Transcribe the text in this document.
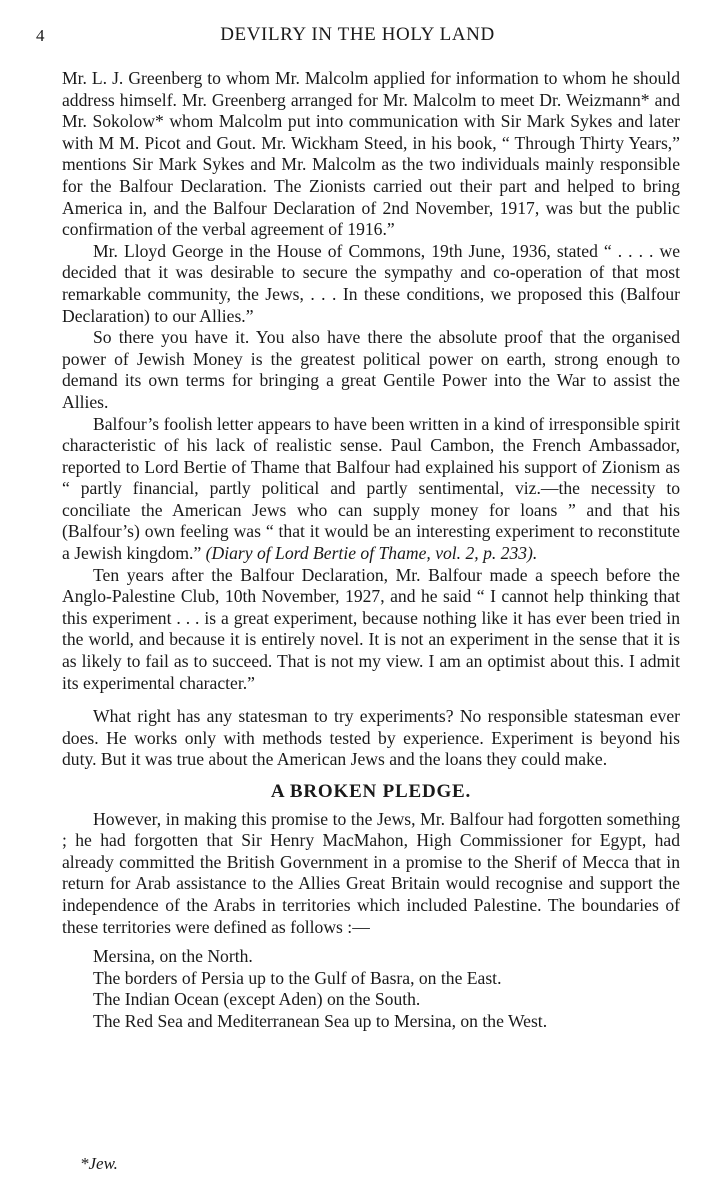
4	DEVILRY IN THE HOLY LAND

Mr. L. J. Greenberg to whom Mr. Malcolm applied for information to whom he should address himself. Mr. Greenberg arranged for Mr. Malcolm to meet Dr. Weizmann* and Mr. Sokolow* whom Malcolm put into communication with Sir Mark Sykes and later with M M. Picot and Gout. Mr. Wickham Steed, in his book, “ Through Thirty Years,” mentions Sir Mark Sykes and Mr. Malcolm as the two individuals mainly responsible for the Balfour Declaration. The Zionists carried out their part and helped to bring America in, and the Balfour Declaration of 2nd November, 1917, was but the public confirmation of the verbal agreement of 1916.”

Mr. Lloyd George in the House of Commons, 19th June, 1936, stated “ . . . . we decided that it was desirable to secure the sympathy and co-operation of that most remarkable community, the Jews, . . . In these conditions, we proposed this (Balfour Declaration) to our Allies.”

So there you have it. You also have there the absolute proof that the organised power of Jewish Money is the greatest political power on earth, strong enough to demand its own terms for bringing a great Gentile Power into the War to assist the Allies.

Balfour’s foolish letter appears to have been written in a kind of irresponsible spirit characteristic of his lack of realistic sense. Paul Cambon, the French Ambassador, reported to Lord Bertie of Thame that Balfour had explained his support of Zionism as “ partly financial, partly political and partly sentimental, viz.—the necessity to conciliate the American Jews who can supply money for loans ” and that his (Balfour’s) own feeling was “ that it would be an interesting experiment to reconstitute a Jewish kingdom.” (Diary of Lord Bertie of Thame, vol. 2, p. 233).

Ten years after the Balfour Declaration, Mr. Balfour made a speech before the Anglo-Palestine Club, 10th November, 1927, and he said “ I cannot help thinking that this experiment . . . is a great experiment, because nothing like it has ever been tried in the world, and because it is entirely novel. It is not an experiment in the sense that it is as likely to fail as to succeed. That is not my view. I am an optimist about this. I admit its experimental character.”

What right has any statesman to try experiments? No responsible statesman ever does. He works only with methods tested by experience. Experiment is beyond his duty. But it was true about the American Jews and the loans they could make.

A BROKEN PLEDGE.

However, in making this promise to the Jews, Mr. Balfour had forgotten something ; he had forgotten that Sir Henry MacMahon, High Commissioner for Egypt, had already committed the British Government in a promise to the Sherif of Mecca that in return for Arab assistance to the Allies Great Britain would recognise and support the independence of the Arabs in territories which included Palestine. The boundaries of these territories were defined as follows :—

Mersina, on the North.
The borders of Persia up to the Gulf of Basra, on the East.
The Indian Ocean (except Aden) on the South.
The Red Sea and Mediterranean Sea up to Mersina, on the West.
*Jew.
